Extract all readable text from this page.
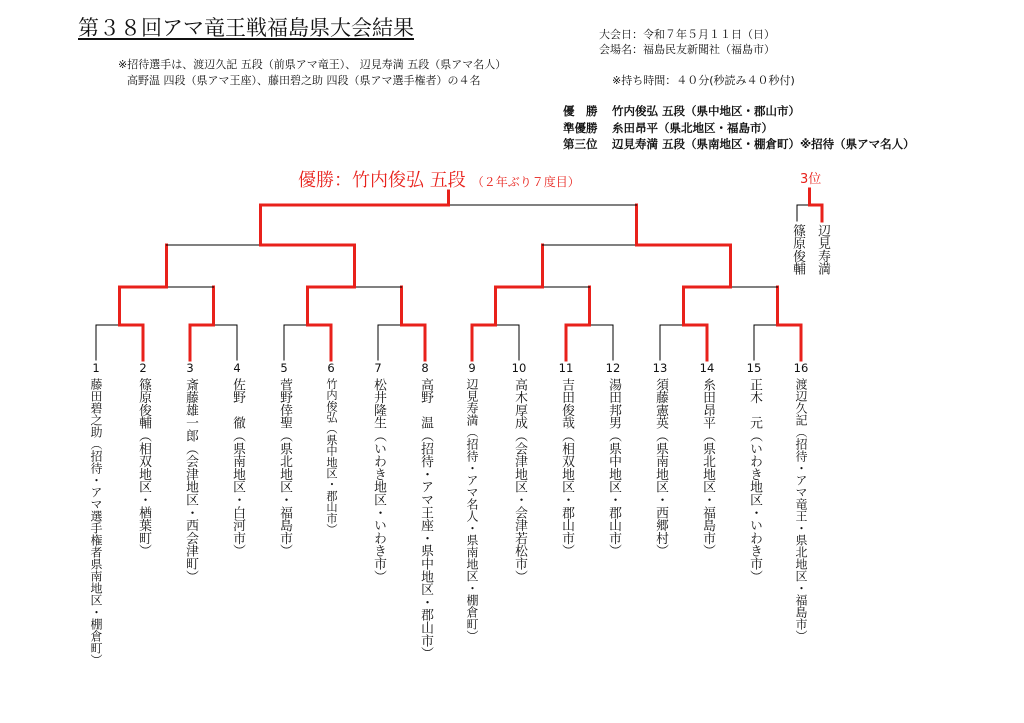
第３８回アマ竜王戦福島県大会結果	大会日：令和７年５月１１日（日）
会場名：福島民友新聞社（福島市）
※招待選手は、渡辺久記 五段（前県アマ竜王）、 辺見寿満 五段（県アマ名人）
高野温 四段（県アマ王座）、藤田碧之助 四段（県アマ選手権者）の４名	※持ち時間：４０分(秒読み４０秒付)
優　勝 竹内俊弘 五段（県中地区・郡山市）
準優勝 糸田昂平（県北地区・福島市）
第三位 辺見寿満 五段（県南地区・棚倉町）※招待（県アマ名人）
優勝：竹内俊弘 五段 （２年ぶり７度目）	3位
篠原俊輔 辺見寿満
1
藤田碧之助（招待・アマ選手権者県南地区・棚倉町）
2
篠原俊輔（相双地区・楢葉町）
3
斎藤雄一郎（会津地区・西会津町）
4
佐野　徹（県南地区・白河市）
5
菅野倖聖（県北地区・福島市）
6
竹内俊弘（県中地区・郡山市）
7
松井隆生（いわき地区・いわき市）
8
高野　温（招待・アマ王座・県中地区・郡山市）
9
辺見寿満（招待・アマ名人・県南地区・棚倉町）
10
高木厚成（会津地区・会津若松市）
11
吉田俊哉（相双地区・郡山市）
12
湯田邦男（県中地区・郡山市）
13
須藤憲英（県南地区・西郷村）
14
糸田昂平（県北地区・福島市）
15
正木　元（いわき地区・いわき市）
16
渡辺久記（招待・アマ竜王・県北地区・福島市）
